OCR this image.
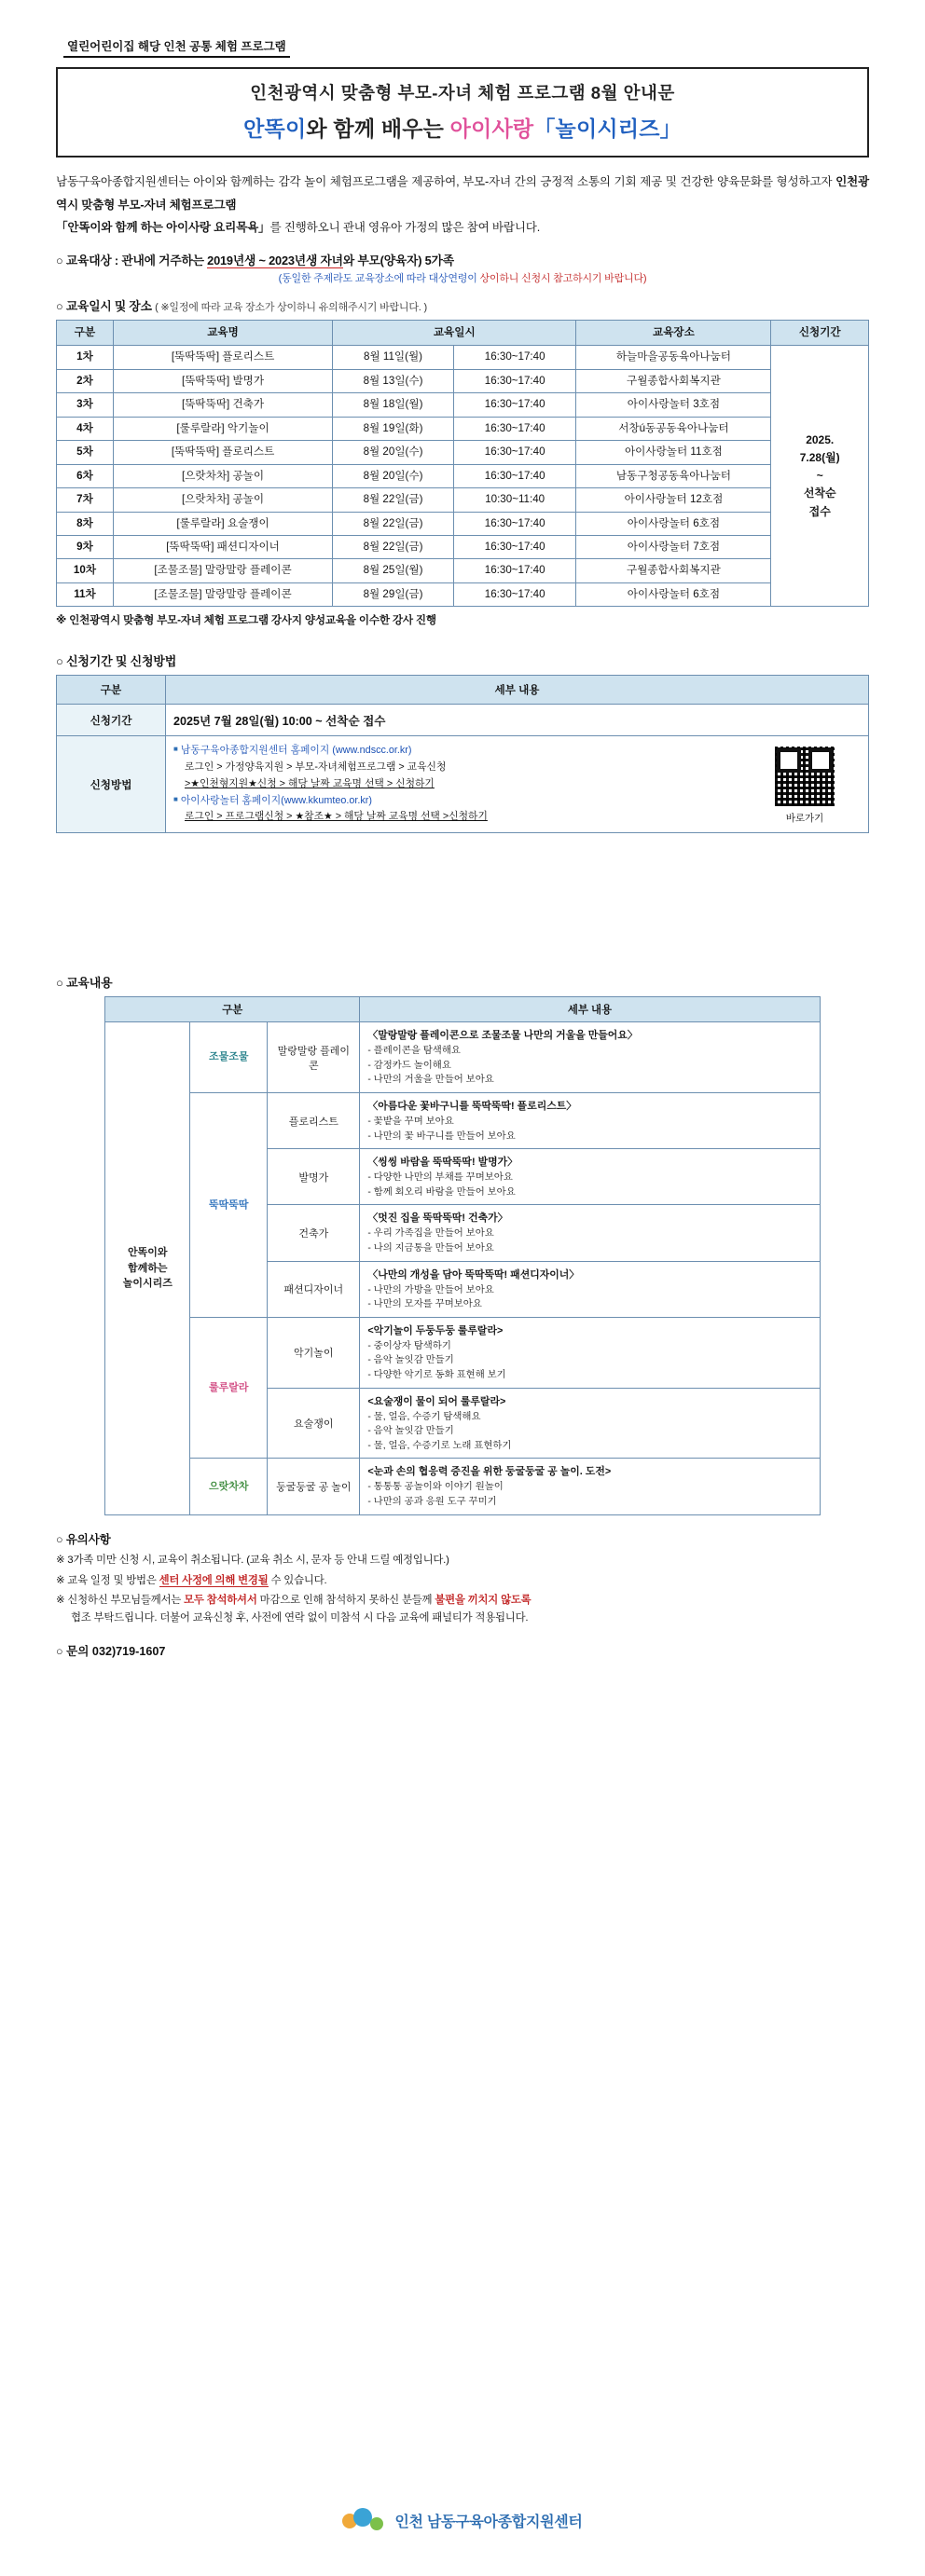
열린어린이집 해당 인천 공통 체험 프로그램
인천광역시 맞춤형 부모-자녀 체험 프로그램 8월 안내문
안똑이와 함께 배우는 아이사랑「놀이시리즈」
남동구육아종합지원센터는 아이와 함께하는 감각 놀이 체험프로그램을 제공하여, 부모-자녀 간의 긍정적 소통의 기회 제공 및 건강한 양육문화를 형성하고자 인천광역시 맞춤형 부모-자녀 체험프로그램
「안똑이와 함께 하는 아이사랑 요리목욕」를 진행하오니 관내 영유아 가정의 많은 참여 바랍니다.
○ 교육대상 : 관내에 거주하는 2019년생 ~ 2023년생 자녀와 부모(양육자) 5가족
(동일한 주제라도 교육장소에 따라 대상연령이 상이하니 신청시 참고하시기 바랍니다)
○ 교육일시 및 장소 ( ※일정에 따라 교육 장소가 상이하니 유의해주시기 바랍니다. )
구분	교육명	교육일시		교육장소	신청기간
1차	[뚝딱뚝딱] 플로리스트	8월 11일(월)	16:30~17:40	하늘마을공동육아나눔터	2025.
7.28(월)
~
선착순
접수
2차	[뚝딱뚝딱] 발명가	8월 13일(수)	16:30~17:40	구월종합사회복지관	
3차	[뚝딱뚝딱] 건축가	8월 18일(월)	16:30~17:40	아이사랑놀터 3호점	
4차	[룰루랄라] 악기놀이	8월 19일(화)	16:30~17:40	서창ú동공동육아나눔터	
5차	[뚝딱뚝딱] 플로리스트	8월 20일(수)	16:30~17:40	아이사랑놀터 11호점	
6차	[으랏차차] 공놀이	8월 20일(수)	16:30~17:40	남동구청공동육아나눔터	
7차	[으랏차차] 공놀이	8월 22일(금)	10:30~11:40	아이사랑놀터 12호점	
8차	[룰루랄라] 요술쟁이	8월 22일(금)	16:30~17:40	아이사랑놀터 6호점	
9차	[뚝딱뚝딱] 패션디자이너	8월 22일(금)	16:30~17:40	아이사랑놀터 7호점	
10차	[조물조물] 말랑말랑 플레이콘	8월 25일(월)	16:30~17:40	구월종합사회복지관	
11차	[조물조물] 말랑말랑 플레이콘	8월 29일(금)	16:30~17:40	아이사랑놀터 6호점	
※ 인천광역시 맞춤형 부모-자녀 체험 프로그램 강사지 양성교육을 이수한 강사 진행
○ 신청기간 및 신청방법
구분	세부 내용
신청기간	2025년 7월 28일(월) 10:00 ~ 선착순 접수
신청방법	
■ 남동구육아종합지원센터 홈페이지 (www.ndscc.or.kr)
로그인 > 가정양육지원 > 부모-자녀체험프로그램 > 교육신청
>★인천형지원★신청 > 해당 날짜 교육명 선택 > 신청하기
■ 아이사랑놀터 홈페이지(www.kkumteo.or.kr)
로그인 > 프로그램신청 > ★참조★ > 해당 날짜 교육명 선택 >신청하기	바로가기
○ 교육내용
구분			세부 내용
안똑이와
함께하는
놀이시리즈	조물조물	말랑말랑 플레이콘	
〈말랑말랑 플레이콘으로 조물조물 나만의 거울을 만들어요〉
- 플레이콘을 탐색해요
- 감정카드 놀이해요
- 나만의 거울을 만들어 보아요

뚝딱뚝딱	플로리스트	
〈아름다운 꽃바구니를 뚝딱뚝딱! 플로리스트〉
- 꽃밭을 꾸며 보아요
- 나만의 꽃 바구니를 만들어 보아요

발명가	
〈씽씽 바람을 뚝딱뚝딱! 발명가〉
- 다양한 나만의 부채를 꾸며보아요
- 함께 회오리 바람을 만들어 보아요

건축가	
〈멋진 집을 뚝딱뚝딱! 건축가〉
- 우리 가족집을 만들어 보아요
- 나의 지금통을 만들어 보아요

패션디자이너	
〈나만의 개성을 담아 뚝딱뚝딱! 패션디자이너〉
- 나만의 가방을 만들어 보아요
- 나만의 모자를 꾸며보아요

룰루랄라	악기놀이	
<악기놀이 두둥두둥 룰루랄라>
- 중이상자 탐색하기
- 음악 놀잇감 만들기
- 다양한 악기로 동화 표현해 보기

요술쟁이	
<요술쟁이 물이 되어 룰루랄라>
- 물, 얼음, 수증기 탐색해요
- 음악 놀잇감 만들기
- 물, 얼음, 수증기로 노래 표현하기

으랏차차	둥굴둥굴 공 놀이	
<눈과 손의 협응력 증진을 위한 둥굴둥굴 공 놀이. 도전>
- 통통통 공놀이와 이야기 원놀이
- 나만의 공과 응원 도구 꾸미기
○ 유의사항

※ 3가족 미만 신청 시, 교육이 취소됩니다. (교육 취소 시, 문자 등 안내 드릴 예정입니다.)

※ 교육 일정 및 방법은 센터 사정에 의해 변경될 수 있습니다.

※ 신청하신 부모님들께서는 모두 참석하셔서 마감으로 인해 참석하지 못하신 분들께 불편을 끼치지 않도록
협조 부탁드립니다. 더불어 교육신청 후, 사전에 연락 없이 미참석 시 다음 교육에 패널티가 적용됩니다.

○ 문의 032)719-1607
인천 남동구육아종합지원센터
